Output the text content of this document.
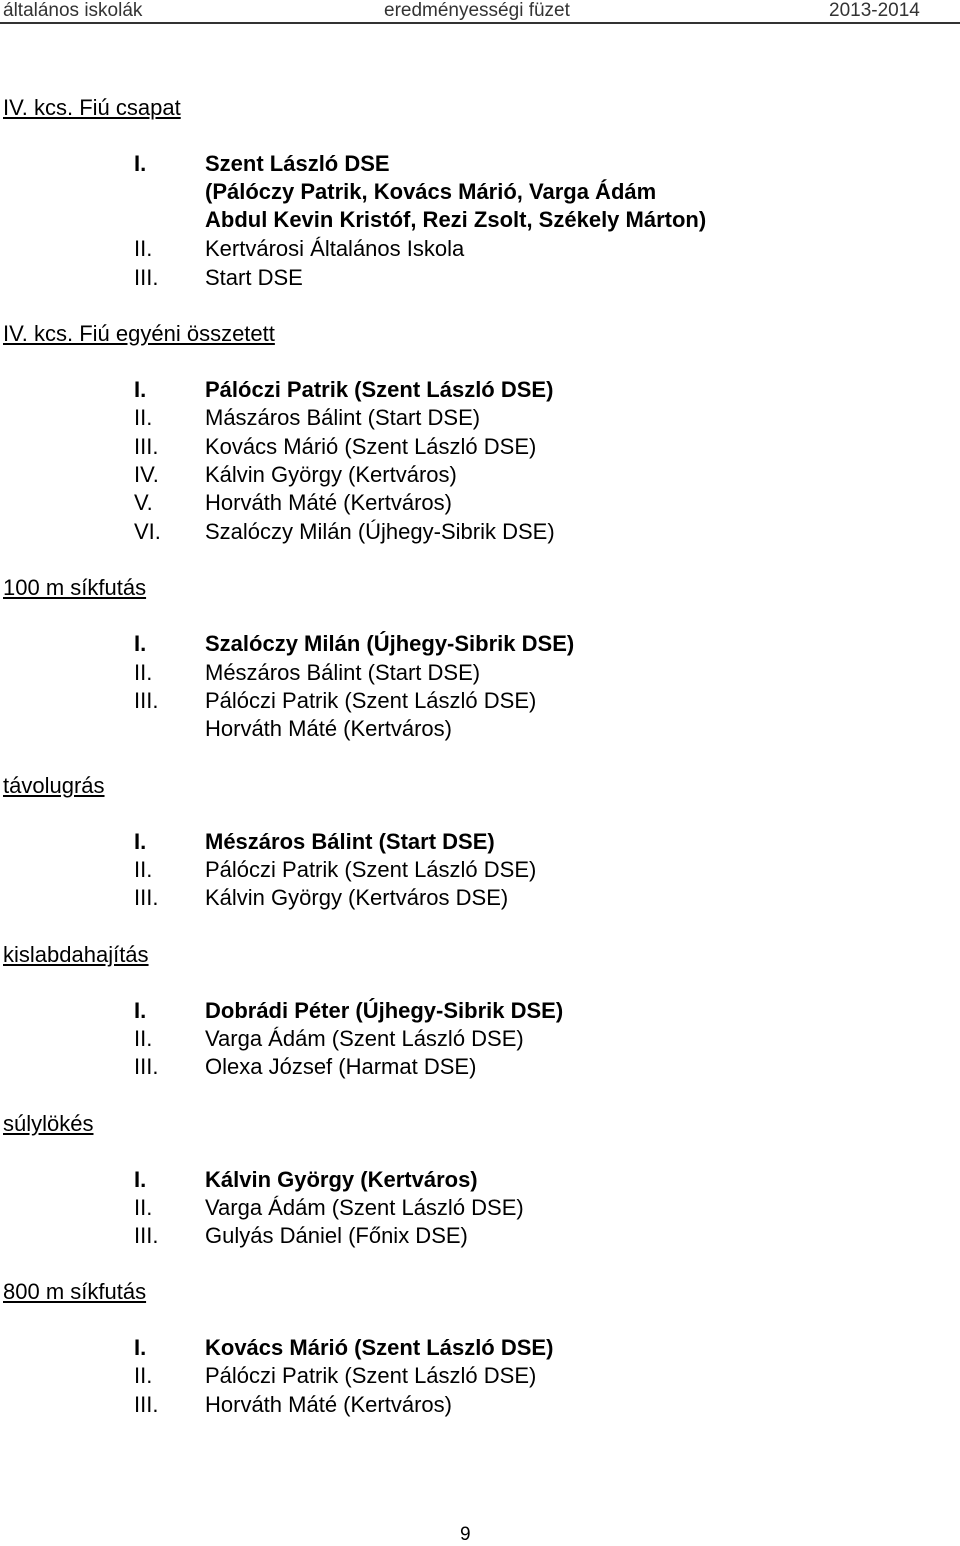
általános iskolák	eredményességi füzet	2013-2014
IV. kcs. Fiú csapat
I.	Szent László DSE
(Pálóczy Patrik, Kovács Márió, Varga Ádám
Abdul Kevin Kristóf, Rezi Zsolt, Székely Márton)
II. Kertvárosi Általános Iskola
III. Start DSE
IV. kcs. Fiú egyéni összetett
I.	Pálóczi Patrik (Szent László DSE)
II. Mászáros Bálint (Start DSE)
III. Kovács Márió (Szent László DSE)
IV. Kálvin György (Kertváros)
V. Horváth Máté (Kertváros)
VI. Szalóczy Milán (Újhegy-Sibrik DSE)
100 m síkfutás
I.	Szalóczy Milán (Újhegy-Sibrik DSE)
II. Mészáros Bálint (Start DSE)
III. Pálóczi Patrik (Szent László DSE)
Horváth Máté (Kertváros)
távolugrás
I.	Mészáros Bálint (Start DSE)
II. Pálóczi Patrik (Szent László DSE)
III. Kálvin György (Kertváros DSE)
kislabdahajítás
I.	Dobrádi Péter (Újhegy-Sibrik DSE)
II. Varga Ádám (Szent László DSE)
III. Olexa József (Harmat DSE)
súlylökés
I.	Kálvin György (Kertváros)
II. Varga Ádám (Szent László DSE)
III. Gulyás Dániel (Főnix DSE)
800 m síkfutás
I.	Kovács Márió (Szent László DSE)
II. Pálóczi Patrik (Szent László DSE)
III. Horváth Máté (Kertváros)
9
